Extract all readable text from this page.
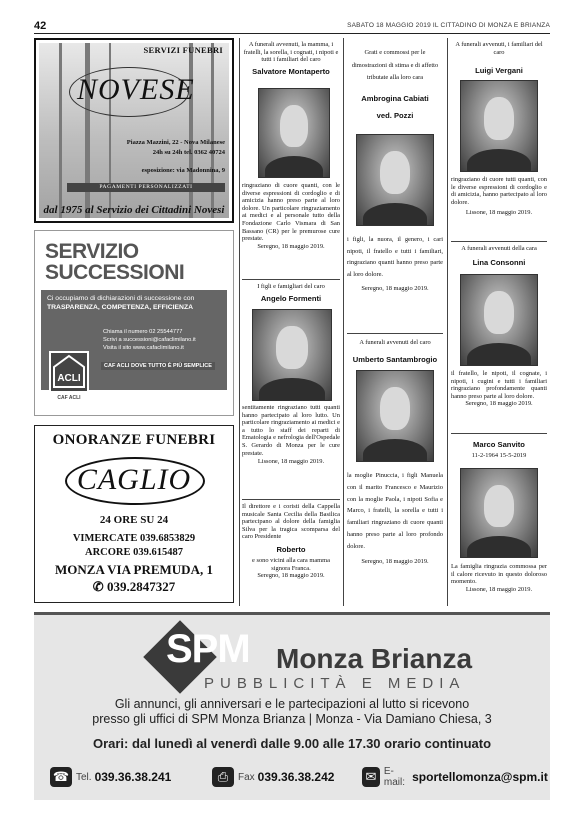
42	SABATO 18 MAGGIO 2019 IL CITTADINO DI MONZA E BRIANZA
SERVIZI FUNEBRI
NOVESE
Piazza Mazzini, 22 - Nova Milanese
24h su 24h tel. 0362 40724
esposizione: via Madonnina, 9
PAGAMENTI PERSONALIZZATI
dal 1975 al Servizio dei Cittadini Novesi
SERVIZIO
SUCCESSIONI
Ci occupiamo di dichiarazioni di successione con
TRASPARENZA, COMPETENZA, EFFICIENZA
Chiama il numero 02 25544777
Scrivi a successioni@cafaclimilano.it
Visita il sito www.cafaclimilano.it
ACLI
CAF ACLI
CAF ACLI DOVE TUTTO È PIÙ SEMPLICE
ONORANZE FUNEBRI
CAGLIO
24 ORE SU 24
VIMERCATE 039.6853829
ARCORE 039.615487
MONZA VIA PREMUDA, 1
✆ 039.2847327
A funerali avvenuti, la mamma, i fratelli, la sorella, i cognati, i nipoti e tutti i familiari del caro
Salvatore Montaperto
ringraziano di cuore quanti, con le diverse espressioni di cordoglio e di amicizia hanno preso parte al loro dolore. Un particolare ringraziamento ai medici e al personale tutto della Fondazione Carlo Vismara di San Bassano (CR) per le premurose cure prestate.
Seregno, 18 maggio 2019.
I figli e famigliari del caro
Angelo Formenti
sentitamente ringraziano tutti quanti hanno partecipato al loro lutto. Un particolare ringraziamento ai medici e a tutto lo staff dei reparti di Ematologia e nefrologia dell'Ospedale S. Gerardo di Monza per le cure prestate.
Lissone, 18 maggio 2019.
Il direttore e i coristi della Cappella musicale Santa Cecilia della Basilica partecipano al dolore della famiglia Silva per la tragica scomparsa del caro Presidente
Roberto
e sono vicini alla cara mamma signora Franca.
Seregno, 18 maggio 2019.
Grati e commossi per le dimostrazioni di stima e di affetto tributate alla loro cara
Ambrogina Cabiati
ved. Pozzi
i figli, la nuora, il genero, i cari nipoti, il fratello e tutti i familiari, ringraziano quanti hanno preso parte al loro dolore.
Seregno, 18 maggio 2019.
A funerali avvenuti del caro
Umberto Santambrogio
la moglie Pinuccia, i figli Manuela con il marito Francesco e Maurizio con la moglie Paola, i nipoti Sofia e Marco, i fratelli, la sorella e tutti i familiari ringraziano di cuore quanti hanno preso parte al loro profondo dolore.
Seregno, 18 maggio 2019.
A funerali avvenuti, i familiari del caro
Luigi Vergani
ringraziano di cuore tutti quanti, con le diverse espressioni di cordoglio e di amicizia, hanno partecipato al loro dolore.
Lissone, 18 maggio 2019.
A funerali avvenuti della cara
Lina Consonni
il fratello, le nipoti, il cognate, i nipoti, i cugini e tutti i familiari ringraziano profondamente quanti hanno preso parte al loro dolore.
Seregno, 18 maggio 2019.
Marco Sanvito
11-2-1964 15-5-2019
La famiglia ringrazia commossa per il calore ricevuto in questo doloroso momento.
Lissone, 18 maggio 2019.
SPM Monza Brianza
PUBBLICITÀ E MEDIA
Gli annunci, gli anniversari e le partecipazioni al lutto si ricevono
presso gli uffici di SPM Monza Brianza | Monza - Via Damiano Chiesa, 3
Orari: dal lunedì al venerdì dalle 9.00 alle 17.30 orario continuato
☎ Tel. 039.36.38.241	⎙ Fax 039.36.38.242 ✉ E-mail: sportellomonza@spm.it
